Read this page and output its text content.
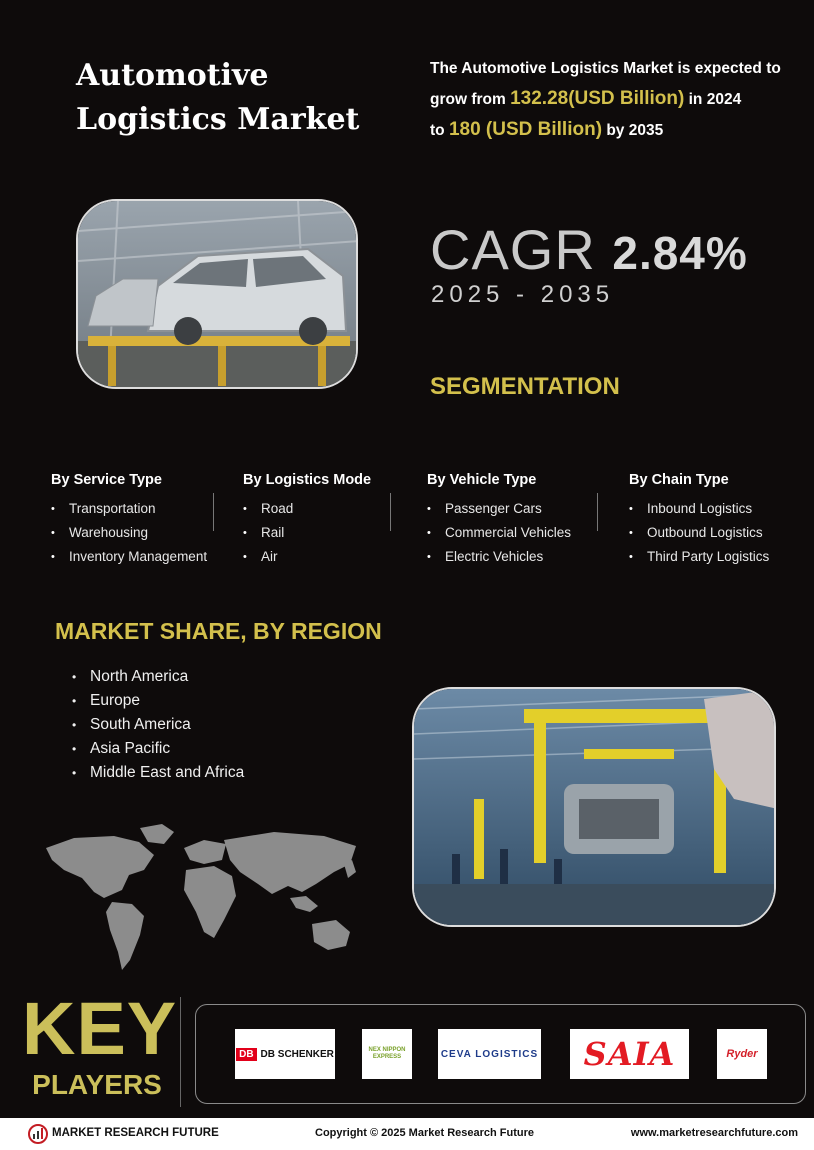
Automotive Logistics Market
The Automotive Logistics Market is expected to
grow from 132.28(USD Billion) in 2024
to 180 (USD Billion) by 2035
CAGR 2.84%
2025 - 2035
SEGMENTATION
By Service Type
• Transportation
• Warehousing
• Inventory Management
By Logistics Mode
• Road
• Rail
• Air
By Vehicle Type
• Passenger Cars
• Commercial Vehicles
• Electric Vehicles
By Chain Type
• Inbound Logistics
• Outbound Logistics
• Third Party Logistics
MARKET SHARE, BY REGION
• North America
• Europe
• South America
• Asia Pacific
• Middle East and Africa
KEY
PLAYERS
DB DB SCHENKER	NEX NIPPON EXPRESS	CEVA LOGISTICS SAIA	Ryder
MARKET RESEARCH FUTURE	Copyright © 2025 Market Research Future	www.marketresearchfuture.com
